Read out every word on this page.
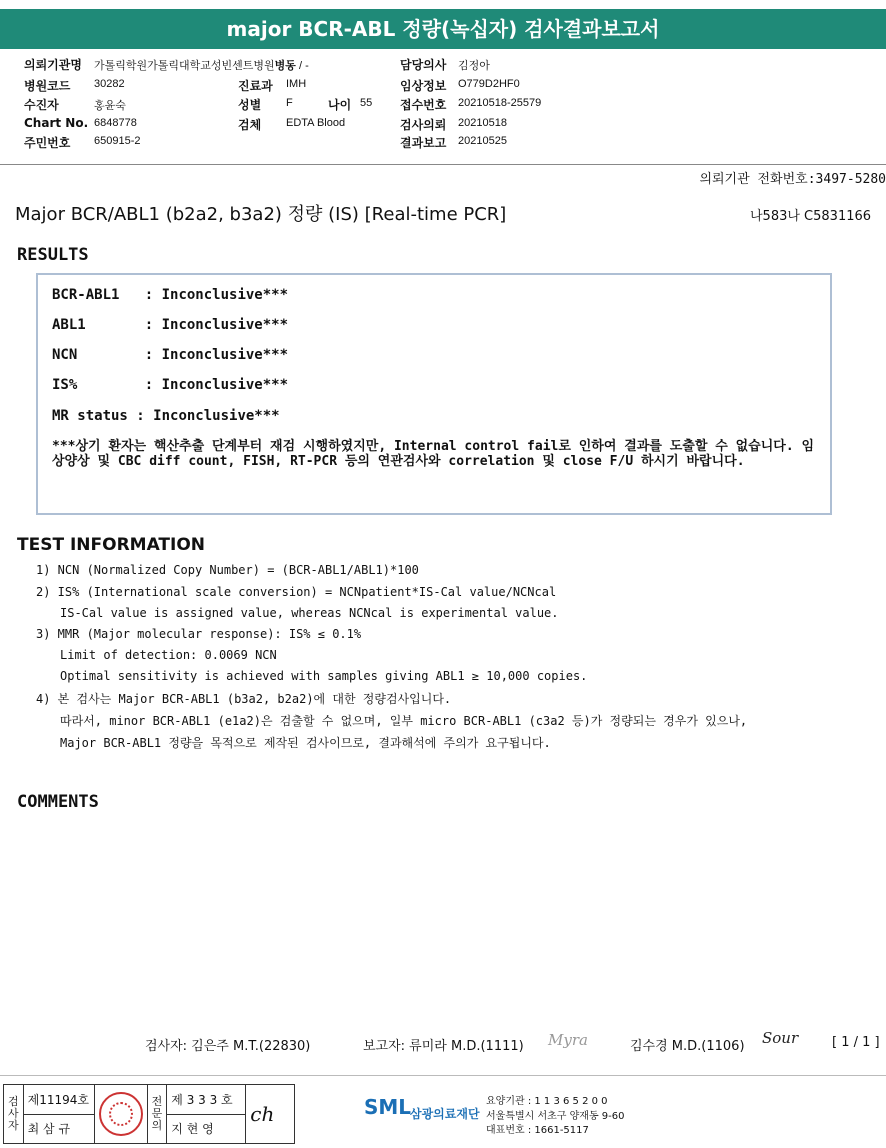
major BCR-ABL 정량(녹십자) 검사결과보고서
의뢰기관명 가톨릭학원가톨릭대학교성빈센트병원병동 / -
병원코드 30282
수진자	홍윤숙
Chart No. 6848778
주민번호 650915-2
진료과 IMH
성별 F	나이 55
검체 EDTA Blood
담당의사 김정아
임상정보 O779D2HF0
접수번호 20210518-25579
검사의뢰 20210518
결과보고 20210525
의뢰기관 전화번호:3497-5280
Major BCR/ABL1 (b2a2, b3a2) 정량 (IS) [Real-time PCR]	나583나 C5831166
RESULTS
BCR-ABL1   : Inconclusive***
ABL1       : Inconclusive***
NCN        : Inconclusive***
IS%        : Inconclusive***
MR status : Inconclusive***
***상기 환자는 핵산추출 단계부터 재검 시행하였지만, Internal control fail로 인하여 결과를 도출할 수 없습니다. 임상양상 및 CBC diff count, FISH, RT-PCR 등의 연관검사와 correlation 및 close F/U 하시기 바랍니다.
TEST INFORMATION
1) NCN (Normalized Copy Number) = (BCR-ABL1/ABL1)*100
2) IS% (International scale conversion) = NCNpatient*IS-Cal value/NCNcal
IS-Cal value is assigned value, whereas NCNcal is experimental value.
3) MMR (Major molecular response): IS% ≤ 0.1%
Limit of detection: 0.0069 NCN
Optimal sensitivity is achieved with samples giving ABL1 ≥ 10,000 copies.
4) 본 검사는 Major BCR-ABL1 (b3a2, b2a2)에 대한 정량검사입니다.
따라서, minor BCR-ABL1 (e1a2)은 검출할 수 없으며, 일부 micro BCR-ABL1 (c3a2 등)가 정량되는 경우가 있으나,
Major BCR-ABL1 정량을 목적으로 제작된 검사이므로, 결과해석에 주의가 요구됩니다.
COMMENTS
검사자: 김은주 M.T.(22830)	보고자: 류미라 M.D.(1111) Myra	김수경 M.D.(1106) Sour	[ 1 / 1 ]
검사자	제11194호		전문의	제 3 3 3 호	ch
	최 삼 규			지 현 영	
SML
삼광의료재단
요양기관 : 1 1 3 6 5 2 0 0
서울특별시 서초구 양재동 9-60
대표번호 : 1661-5117
